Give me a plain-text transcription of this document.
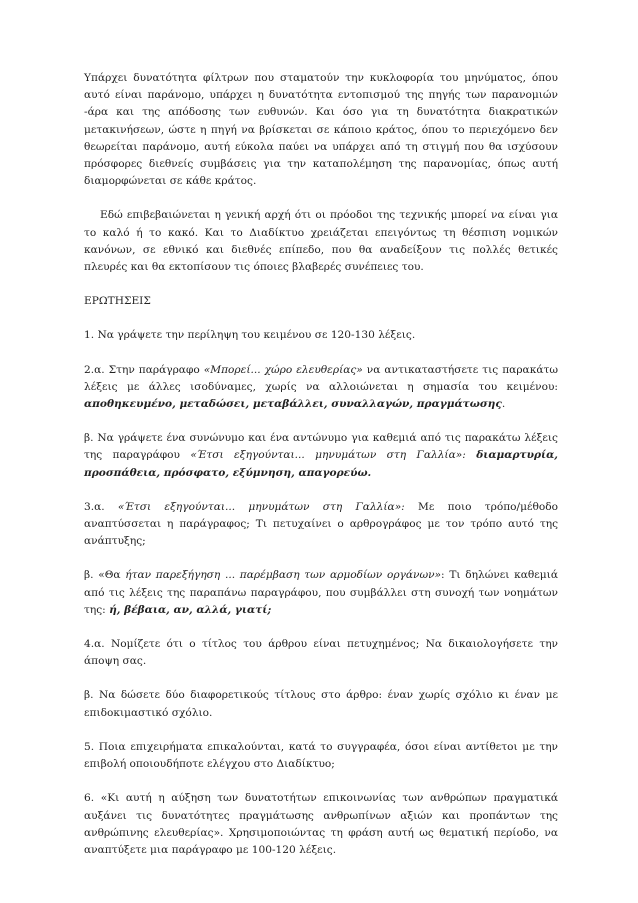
Υπάρχει δυνατότητα φίλτρων που σταματούν την κυκλοφορία του μηνύματος, όπου αυτό είναι παράνομο, υπάρχει η δυνατότητα εντοπισμού της πηγής των παρανομιών -άρα και της απόδοσης των ευθυνών. Και όσο για τη δυνατότητα διακρατικών μετακινήσεων, ώστε η πηγή να βρίσκεται σε κάποιο κράτος, όπου το περιεχόμενο δεν θεωρείται παράνομο, αυτή εύκολα παύει να υπάρχει από τη στιγμή που θα ισχύσουν πρόσφορες διεθνείς συμβάσεις για την καταπολέμηση της παρανομίας, όπως αυτή διαμορφώνεται σε κάθε κράτος.

Εδώ επιβεβαιώνεται η γενική αρχή ότι οι πρόοδοι της τεχνικής μπορεί να είναι για το καλό ή το κακό. Και το Διαδίκτυο χρειάζεται επειγόντως τη θέσπιση νομικών κανόνων, σε εθνικό και διεθνές επίπεδο, που θα αναδείξουν τις πολλές θετικές πλευρές και θα εκτοπίσουν τις όποιες βλαβερές συνέπειες του.

ΕΡΩΤΗΣΕΙΣ

1. Να γράψετε την περίληψη του κειμένου σε 120-130 λέξεις.

2.α. Στην παράγραφο «Μπορεί... χώρο ελευθερίας» να αντικαταστήσετε τις παρακάτω λέξεις με άλλες ισοδύναμες, χωρίς να αλλοιώνεται η σημασία του κειμένου: αποθηκευμένο, μεταδώσει, μεταβάλλει, συναλλαγών, πραγμάτωσης.

β. Να γράψετε ένα συνώνυμο και ένα αντώνυμο για καθεμιά από τις παρακάτω λέξεις της παραγράφου «Έτσι εξηγούνται... μηνυμάτων στη Γαλλία»: διαμαρτυρία, προσπάθεια, πρόσφατο, εξύμνηση, απαγορεύω.

3.α. «Έτσι εξηγούνται... μηνυμάτων στη Γαλλία»: Με ποιο τρόπο/μέθοδο αναπτύσσεται η παράγραφος; Τι πετυχαίνει ο αρθρογράφος με τον τρόπο αυτό της ανάπτυξης;

β. «Θα ήταν παρεξήγηση ... παρέμβαση των αρμοδίων οργάνων»: Τι δηλώνει καθεμιά από τις λέξεις της παραπάνω παραγράφου, που συμβάλλει στη συνοχή των νοημάτων της: ή, βέβαια, αν, αλλά, γιατί;

4.α. Νομίζετε ότι ο τίτλος του άρθρου είναι πετυχημένος; Να δικαιολογήσετε την άποψη σας.

β. Να δώσετε δύο διαφορετικούς τίτλους στο άρθρο: έναν χωρίς σχόλιο κι έναν με επιδοκιμαστικό σχόλιο.

5. Ποια επιχειρήματα επικαλούνται, κατά το συγγραφέα, όσοι είναι αντίθετοι με την επιβολή οποιουδήποτε ελέγχου στο Διαδίκτυο;

6. «Κι αυτή η αύξηση των δυνατοτήτων επικοινωνίας των ανθρώπων πραγματικά αυξάνει τις δυνατότητες πραγμάτωσης ανθρωπίνων αξιών και προπάντων της ανθρώπινης ελευθερίας». Χρησιμοποιώντας τη φράση αυτή ως θεματική περίοδο, να αναπτύξετε μια παράγραφο με 100-120 λέξεις.
